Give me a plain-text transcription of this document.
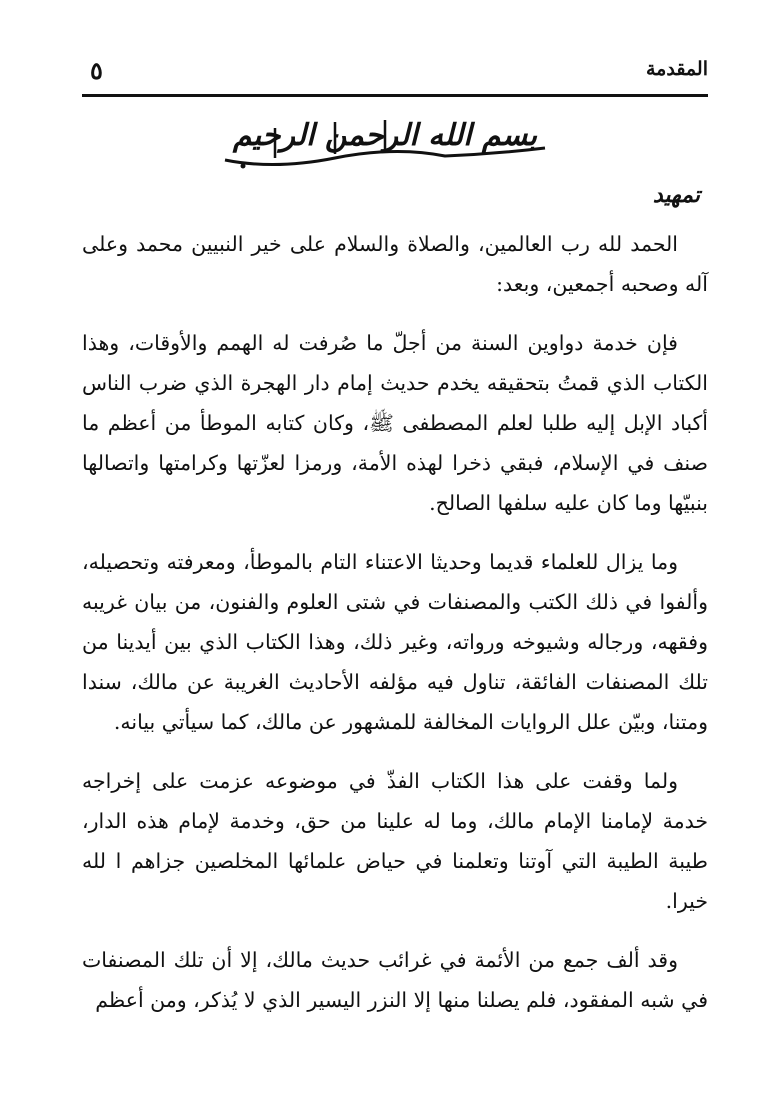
المقدمة
٥
بسم الله الرحمن الرحيم
تمهيد

الحمد لله رب العالمين، والصلاة والسلام على خير النبيين محمد وعلى آله وصحبه أجمعين، وبعد:

فإن خدمة دواوين السنة من أجلّ ما صُرفت له الهمم والأوقات، وهذا الكتاب الذي قمتُ بتحقيقه يخدم حديث إمام دار الهجرة الذي ضرب الناس أكباد الإبل إليه طلبا لعلم المصطفى ﷺ، وكان كتابه الموطأ من أعظم ما صنف في الإسلام، فبقي ذخرا لهذه الأمة، ورمزا لعزّتها وكرامتها واتصالها بنبيّها وما كان عليه سلفها الصالح.

وما يزال للعلماء قديما وحديثا الاعتناء التام بالموطأ، ومعرفته وتحصيله، وألفوا في ذلك الكتب والمصنفات في شتى العلوم والفنون، من بيان غريبه وفقهه، ورجاله وشيوخه ورواته، وغير ذلك، وهذا الكتاب الذي بين أيدينا من تلك المصنفات الفائقة، تناول فيه مؤلفه الأحاديث الغريبة عن مالك، سندا ومتنا، وبيّن علل الروايات المخالفة للمشهور عن مالك، كما سيأتي بيانه.

ولما وقفت على هذا الكتاب الفذّ في موضوعه عزمت على إخراجه خدمة لإمامنا الإمام مالك، وما له علينا من حق، وخدمة لإمام هذه الدار، طيبة الطيبة التي آوتنا وتعلمنا في حياض علمائها المخلصين جزاهم ا لله خيرا.

وقد ألف جمع من الأئمة في غرائب حديث مالك، إلا أن تلك المصنفات في شبه المفقود، فلم يصلنا منها إلا النزر اليسير الذي لا يُذكر، ومن أعظم
